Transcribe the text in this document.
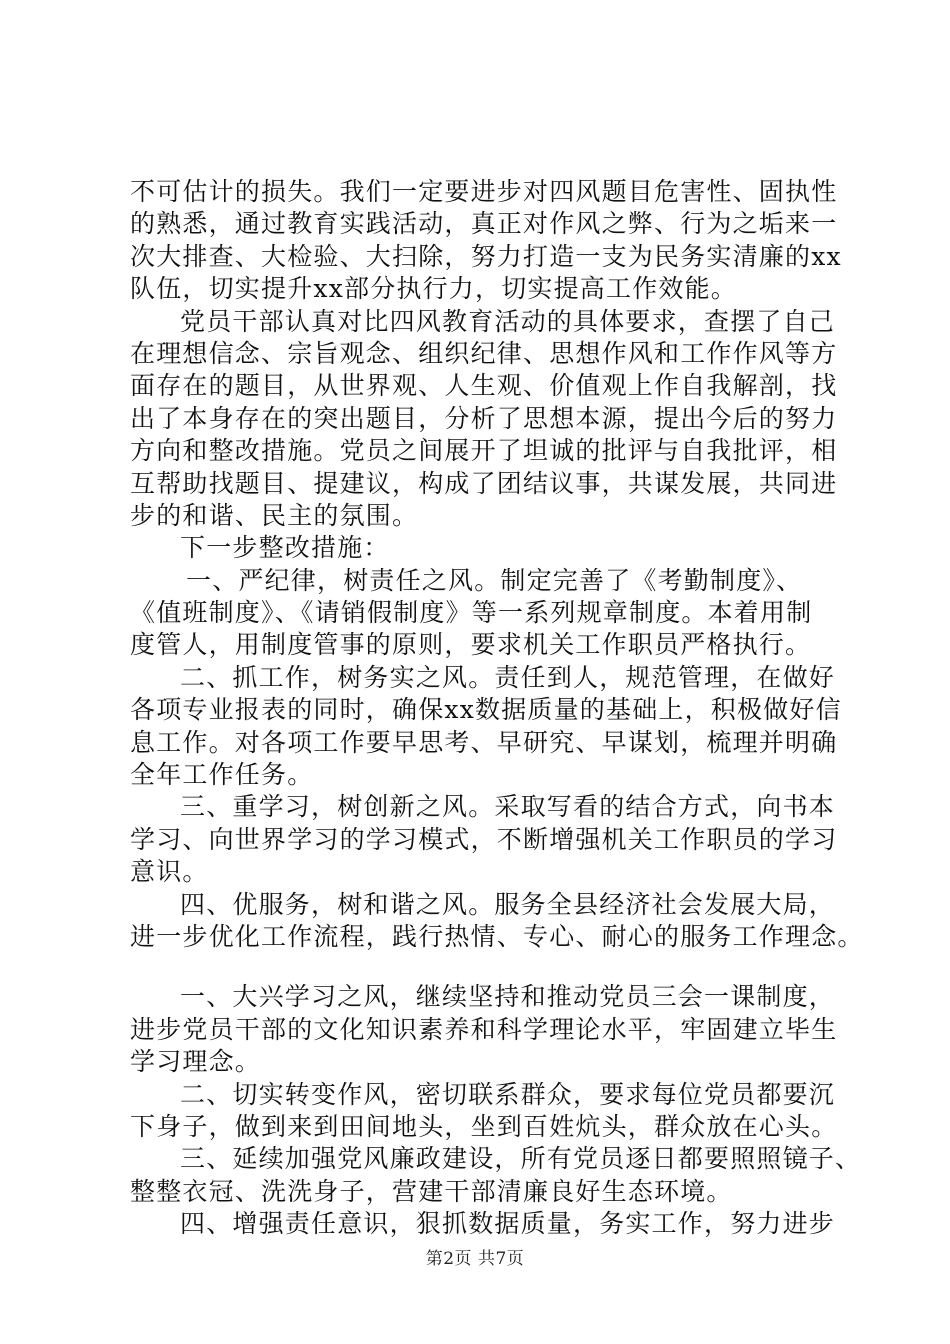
不可估计的损失。我们一定要进步对四风题目危害性、固执性
的熟悉，通过教育实践活动，真正对作风之弊、行为之垢来一
次大排查、大检验、大扫除，努力打造一支为民务实清廉的xx
队伍，切实提升xx部分执行力，切实提高工作效能。
党员干部认真对比四风教育活动的具体要求，查摆了自己
在理想信念、宗旨观念、组织纪律、思想作风和工作作风等方
面存在的题目，从世界观、人生观、价值观上作自我解剖，找
出了本身存在的突出题目，分析了思想本源，提出今后的努力
方向和整改措施。党员之间展开了坦诚的批评与自我批评，相
互帮助找题目、提建议，构成了团结议事，共谋发展，共同进
步的和谐、民主的氛围。
下一步整改措施：
一、严纪律，树责任之风。制定完善了《考勤制度》、
《值班制度》、《请销假制度》等一系列规章制度。本着用制
度管人，用制度管事的原则，要求机关工作职员严格执行。
二、抓工作，树务实之风。责任到人，规范管理，在做好
各项专业报表的同时，确保xx数据质量的基础上，积极做好信
息工作。对各项工作要早思考、早研究、早谋划，梳理并明确
全年工作任务。
三、重学习，树创新之风。采取写看的结合方式，向书本
学习、向世界学习的学习模式，不断增强机关工作职员的学习
意识。
四、优服务，树和谐之风。服务全县经济社会发展大局，
进一步优化工作流程，践行热情、专心、耐心的服务工作理念。
一、大兴学习之风，继续坚持和推动党员三会一课制度，
进步党员干部的文化知识素养和科学理论水平，牢固建立毕生
学习理念。
二、切实转变作风，密切联系群众，要求每位党员都要沉
下身子，做到来到田间地头，坐到百姓炕头，群众放在心头。
三、延续加强党风廉政建设，所有党员逐日都要照照镜子、
整整衣冠、洗洗身子，营建干部清廉良好生态环境。
四、增强责任意识，狠抓数据质量，务实工作，努力进步
第2页 共7页
